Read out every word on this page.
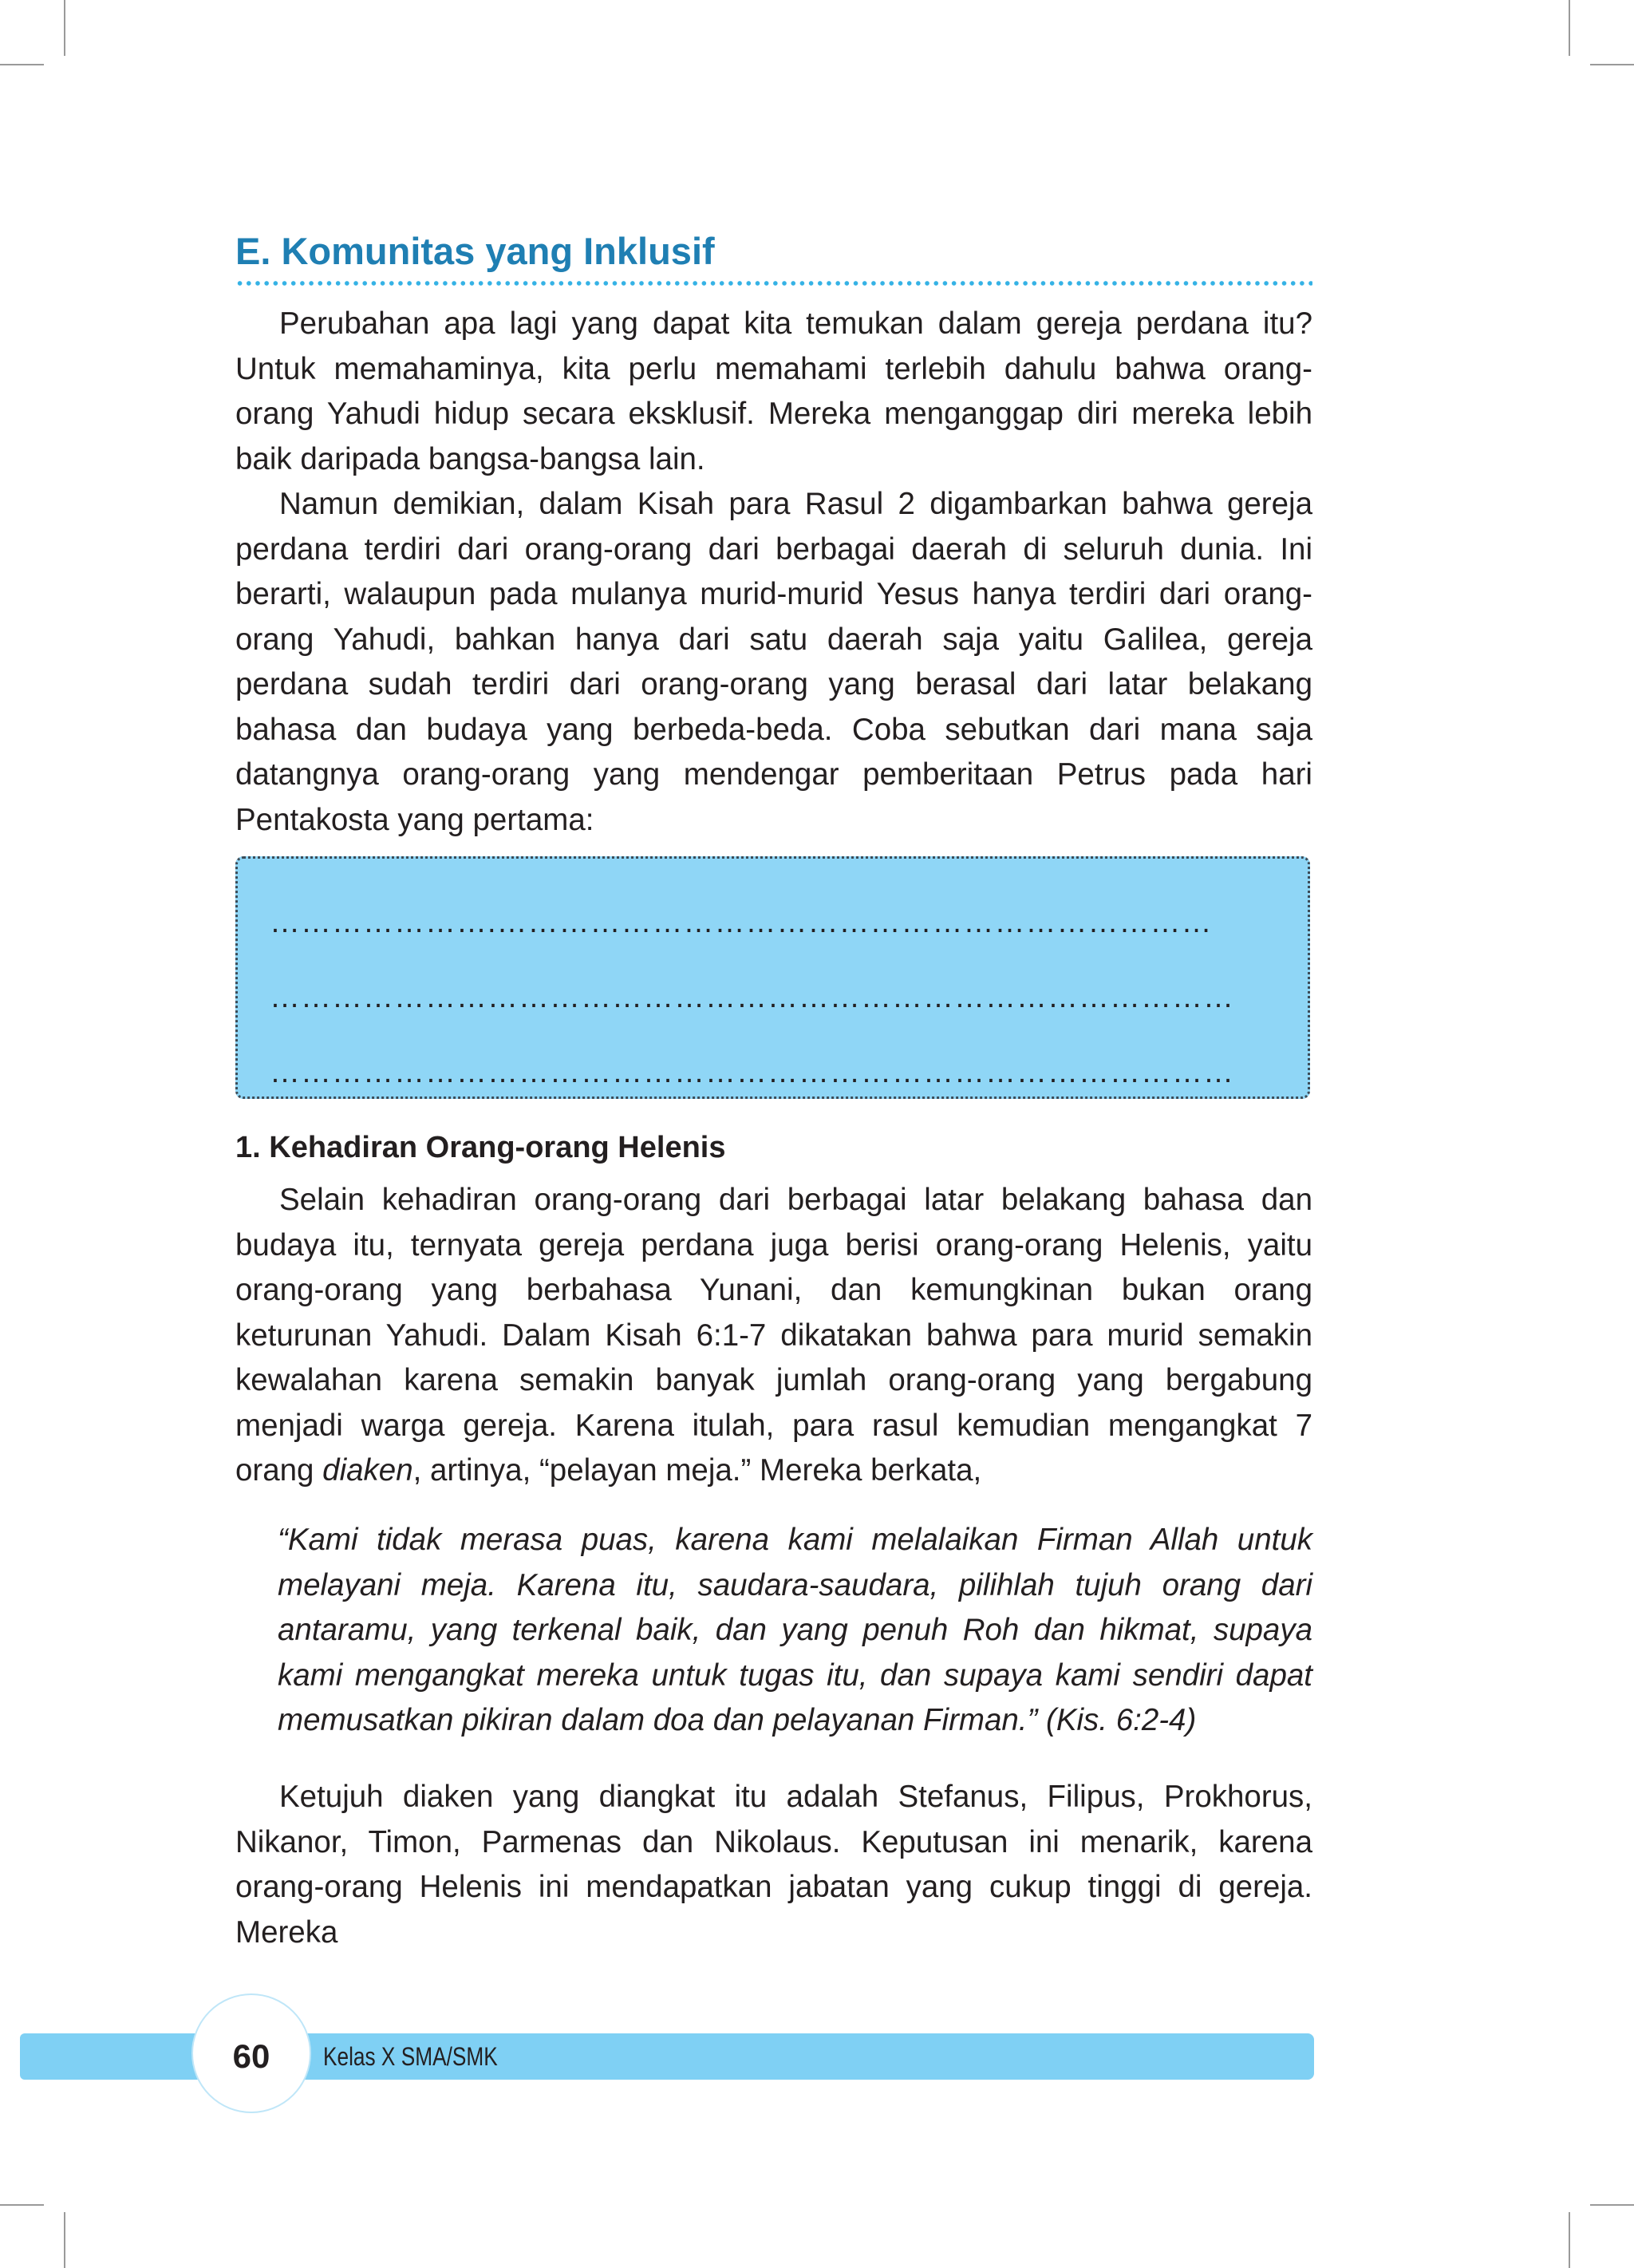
E. Komunitas yang Inklusif

Perubahan apa lagi yang dapat kita temukan dalam gereja perdana itu? Untuk memahaminya, kita perlu memahami terlebih dahulu bahwa orang-orang Yahudi hidup secara eksklusif. Mereka menganggap diri mereka lebih baik daripada bangsa-bangsa lain.

Namun demikian, dalam Kisah para Rasul 2 digambarkan bahwa gereja perdana terdiri dari orang-orang dari berbagai daerah di seluruh dunia. Ini berarti, walaupun pada mulanya murid-murid Yesus hanya terdiri dari orang-orang Yahudi, bahkan hanya dari satu daerah saja yaitu Galilea, gereja perdana sudah terdiri dari orang-orang yang berasal dari latar belakang bahasa dan budaya yang berbeda-beda. Coba sebutkan dari mana saja datangnya orang-orang yang mendengar pemberitaan Petrus pada hari Pentakosta yang pertama:

………………….……………………………………………………………
…………………………………………………………………………………
…………………………………………………………………………………
1. Kehadiran Orang-orang Helenis

Selain kehadiran orang-orang dari berbagai latar belakang bahasa dan budaya itu, ternyata gereja perdana juga berisi orang-orang Helenis, yaitu orang-orang yang berbahasa Yunani, dan kemungkinan bukan orang keturunan Yahudi. Dalam Kisah 6:1-7 dikatakan bahwa para murid semakin kewalahan karena semakin banyak jumlah orang-orang yang bergabung menjadi warga gereja. Karena itulah, para rasul kemudian mengangkat 7 orang diaken, artinya, “pelayan meja.” Mereka berkata,

“Kami tidak merasa puas, karena kami melalaikan Firman Allah untuk melayani meja. Karena itu, saudara-saudara, pilihlah tujuh orang dari antaramu, yang terkenal baik, dan yang penuh Roh dan hikmat, supaya kami mengangkat mereka untuk tugas itu, dan supaya kami sendiri dapat memusatkan pikiran dalam doa dan pelayanan Firman.” (Kis. 6:2-4)

Ketujuh diaken yang diangkat itu adalah Stefanus, Filipus, Prokhorus, Nikanor, Timon, Parmenas dan Nikolaus. Keputusan ini menarik, karena orang-orang Helenis ini mendapatkan jabatan yang cukup tinggi di gereja. Mereka

60	Kelas X SMA/SMK
